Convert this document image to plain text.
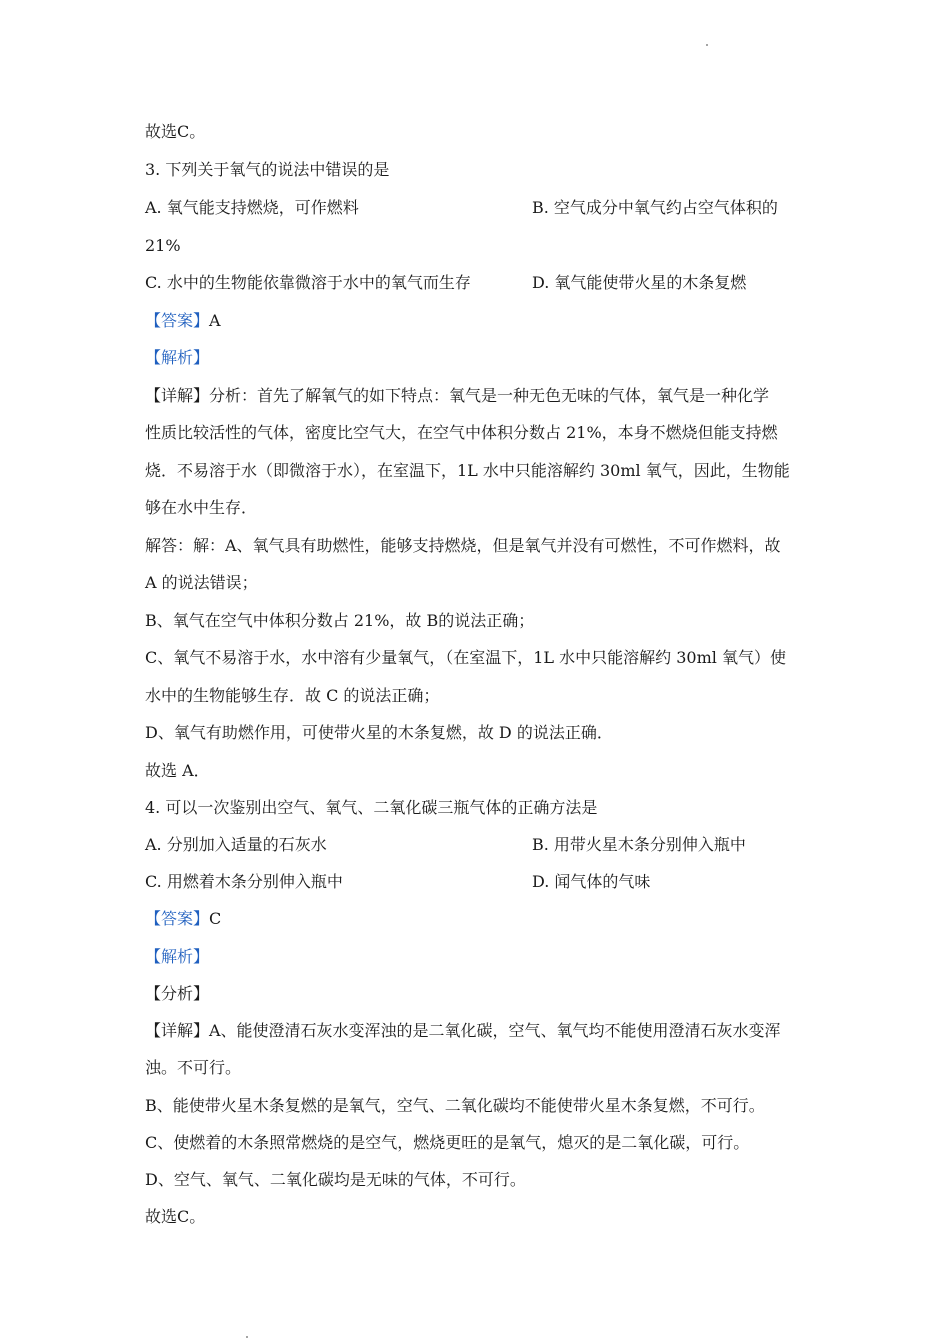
故选C。
3. 下列关于氧气的说法中错误的是
A. 氧气能支持燃烧，可作燃料	B. 空气成分中氧气约占空气体积的
21%
C. 水中的生物能依靠微溶于水中的氧气而生存	D. 氧气能使带火星的木条复燃
【答案】A
【解析】
【详解】分析：首先了解氧气的如下特点：氧气是一种无色无味的气体，氧气是一种化学
性质比较活性的气体，密度比空气大，在空气中体积分数占 21%，本身不燃烧但能支持燃
烧．不易溶于水（即微溶于水），在室温下，1L 水中只能溶解约 30ml 氧气，因此，生物能
够在水中生存．
解答：解：A、氧气具有助燃性，能够支持燃烧，但是氧气并没有可燃性，不可作燃料，故
A 的说法错误；
B、氧气在空气中体积分数占 21%，故 B的说法正确；
C、氧气不易溶于水，水中溶有少量氧气，（在室温下，1L 水中只能溶解约 30ml 氧气）使
水中的生物能够生存．故 C 的说法正确；
D、氧气有助燃作用，可使带火星的木条复燃，故 D 的说法正确．
故选 A．
4. 可以一次鉴别出空气、氧气、二氧化碳三瓶气体的正确方法是
A. 分别加入适量的石灰水	B. 用带火星木条分别伸入瓶中
C. 用燃着木条分别伸入瓶中	D. 闻气体的气味
【答案】C
【解析】
【分析】
【详解】A、能使澄清石灰水变浑浊的是二氧化碳，空气、氧气均不能使用澄清石灰水变浑
浊。不可行。
B、能使带火星木条复燃的是氧气，空气、二氧化碳均不能使带火星木条复燃，不可行。
C、使燃着的木条照常燃烧的是空气，燃烧更旺的是氧气，熄灭的是二氧化碳，可行。
D、空气、氧气、二氧化碳均是无味的气体，不可行。
故选C。
